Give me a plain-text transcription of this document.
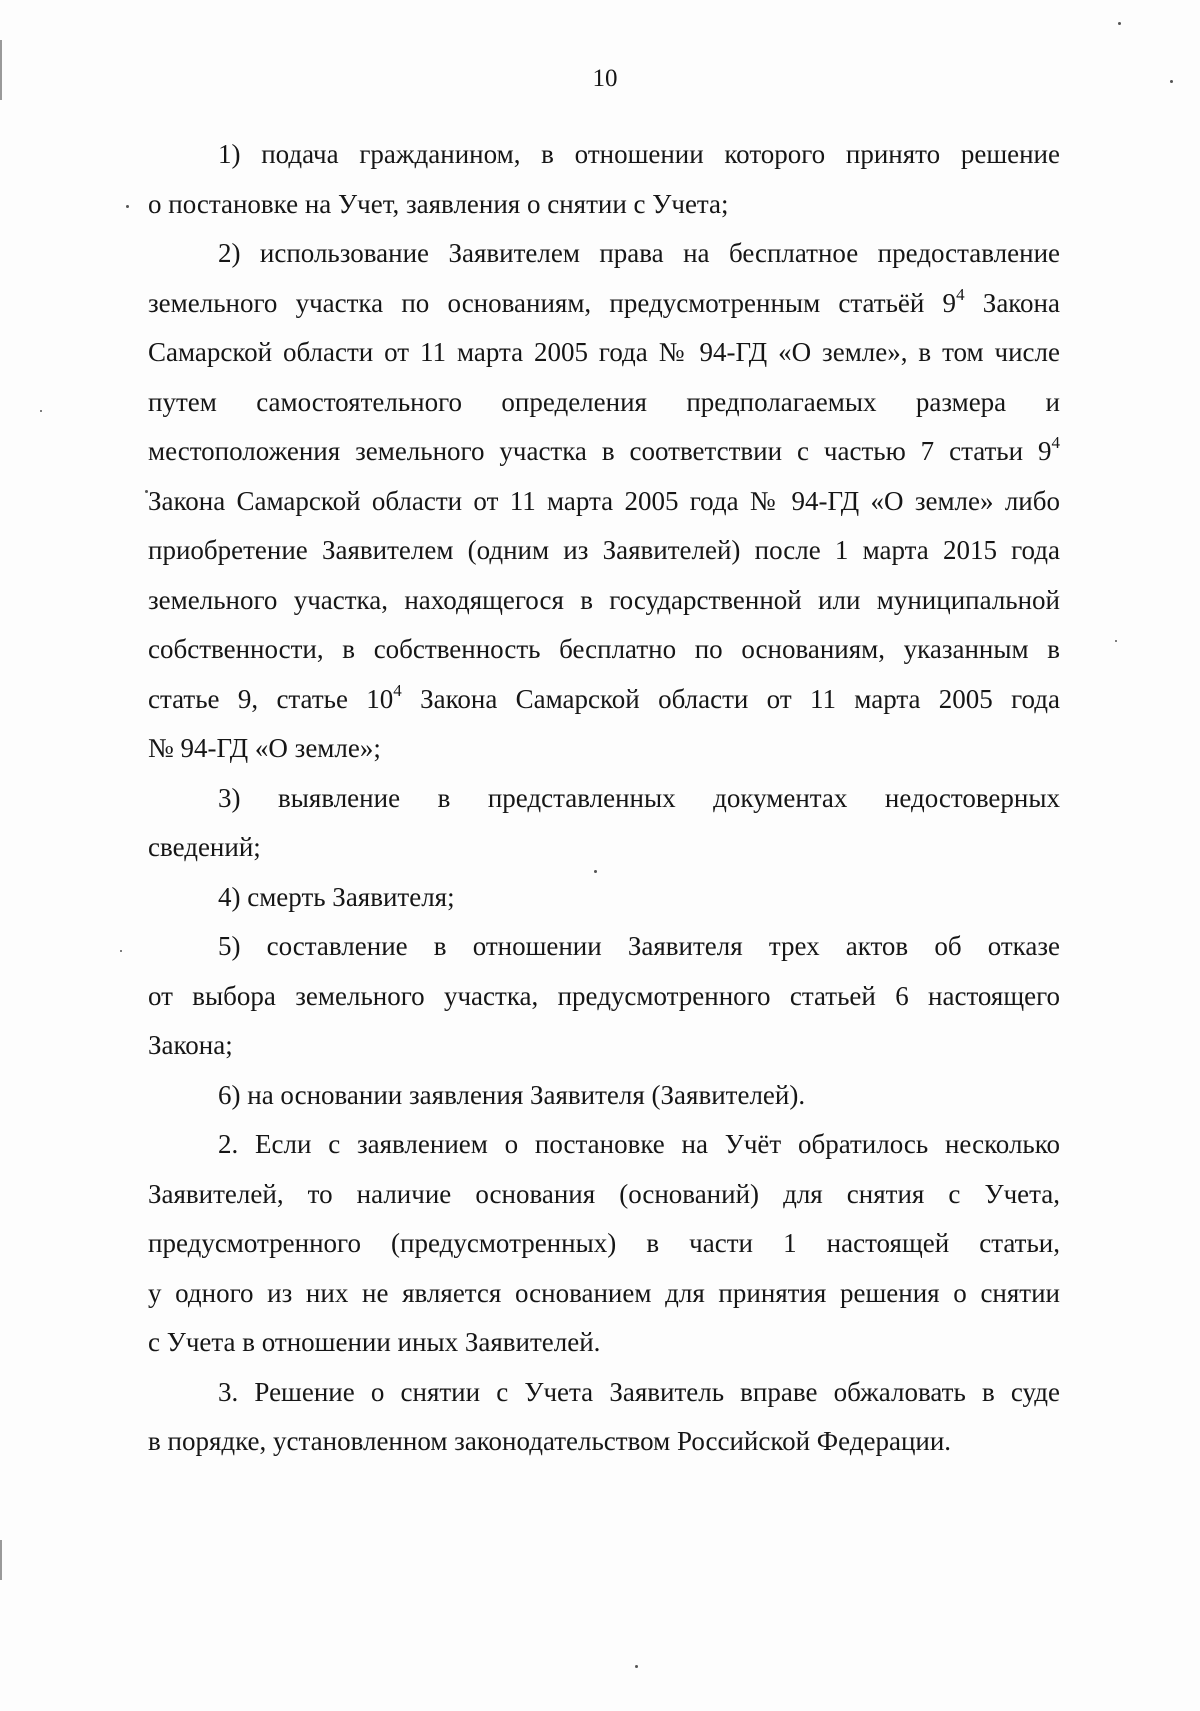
10

1) подача гражданином, в отношении которого принято решение
о постановке на Учет, заявления о снятии с Учета;

2) использование Заявителем права на бесплатное предоставление
земельного участка по основаниям, предусмотренным статьёй $9^4$ Закона
Самарской области от 11 марта 2005 года № 94-ГД «О земле», в том числе
путем самостоятельного определения предполагаемых размера и
местоположения земельного участка в соответствии с частью 7 статьи $9^4$
Закона Самарской области от 11 марта 2005 года № 94-ГД «О земле» либо
приобретение Заявителем (одним из Заявителей) после 1 марта 2015 года
земельного участка, находящегося в государственной или муниципальной
собственности, в собственность бесплатно по основаниям, указанным в
статье 9, статье $10^4$ Закона Самарской области от 11 марта 2005 года
№ 94-ГД «О земле»;

3) выявление в представленных документах недостоверных
сведений;

4) смерть Заявителя;

5) составление в отношении Заявителя трех актов об отказе
от выбора земельного участка, предусмотренного статьей 6 настоящего
Закона;

6) на основании заявления Заявителя (Заявителей).

2. Если с заявлением о постановке на Учёт обратилось несколько
Заявителей, то наличие основания (оснований) для снятия с Учета,
предусмотренного (предусмотренных) в части 1 настоящей статьи,
у одного из них не является основанием для принятия решения о снятии
с Учета в отношении иных Заявителей.

3. Решение о снятии с Учета Заявитель вправе обжаловать в суде
в порядке, установленном законодательством Российской Федерации.
